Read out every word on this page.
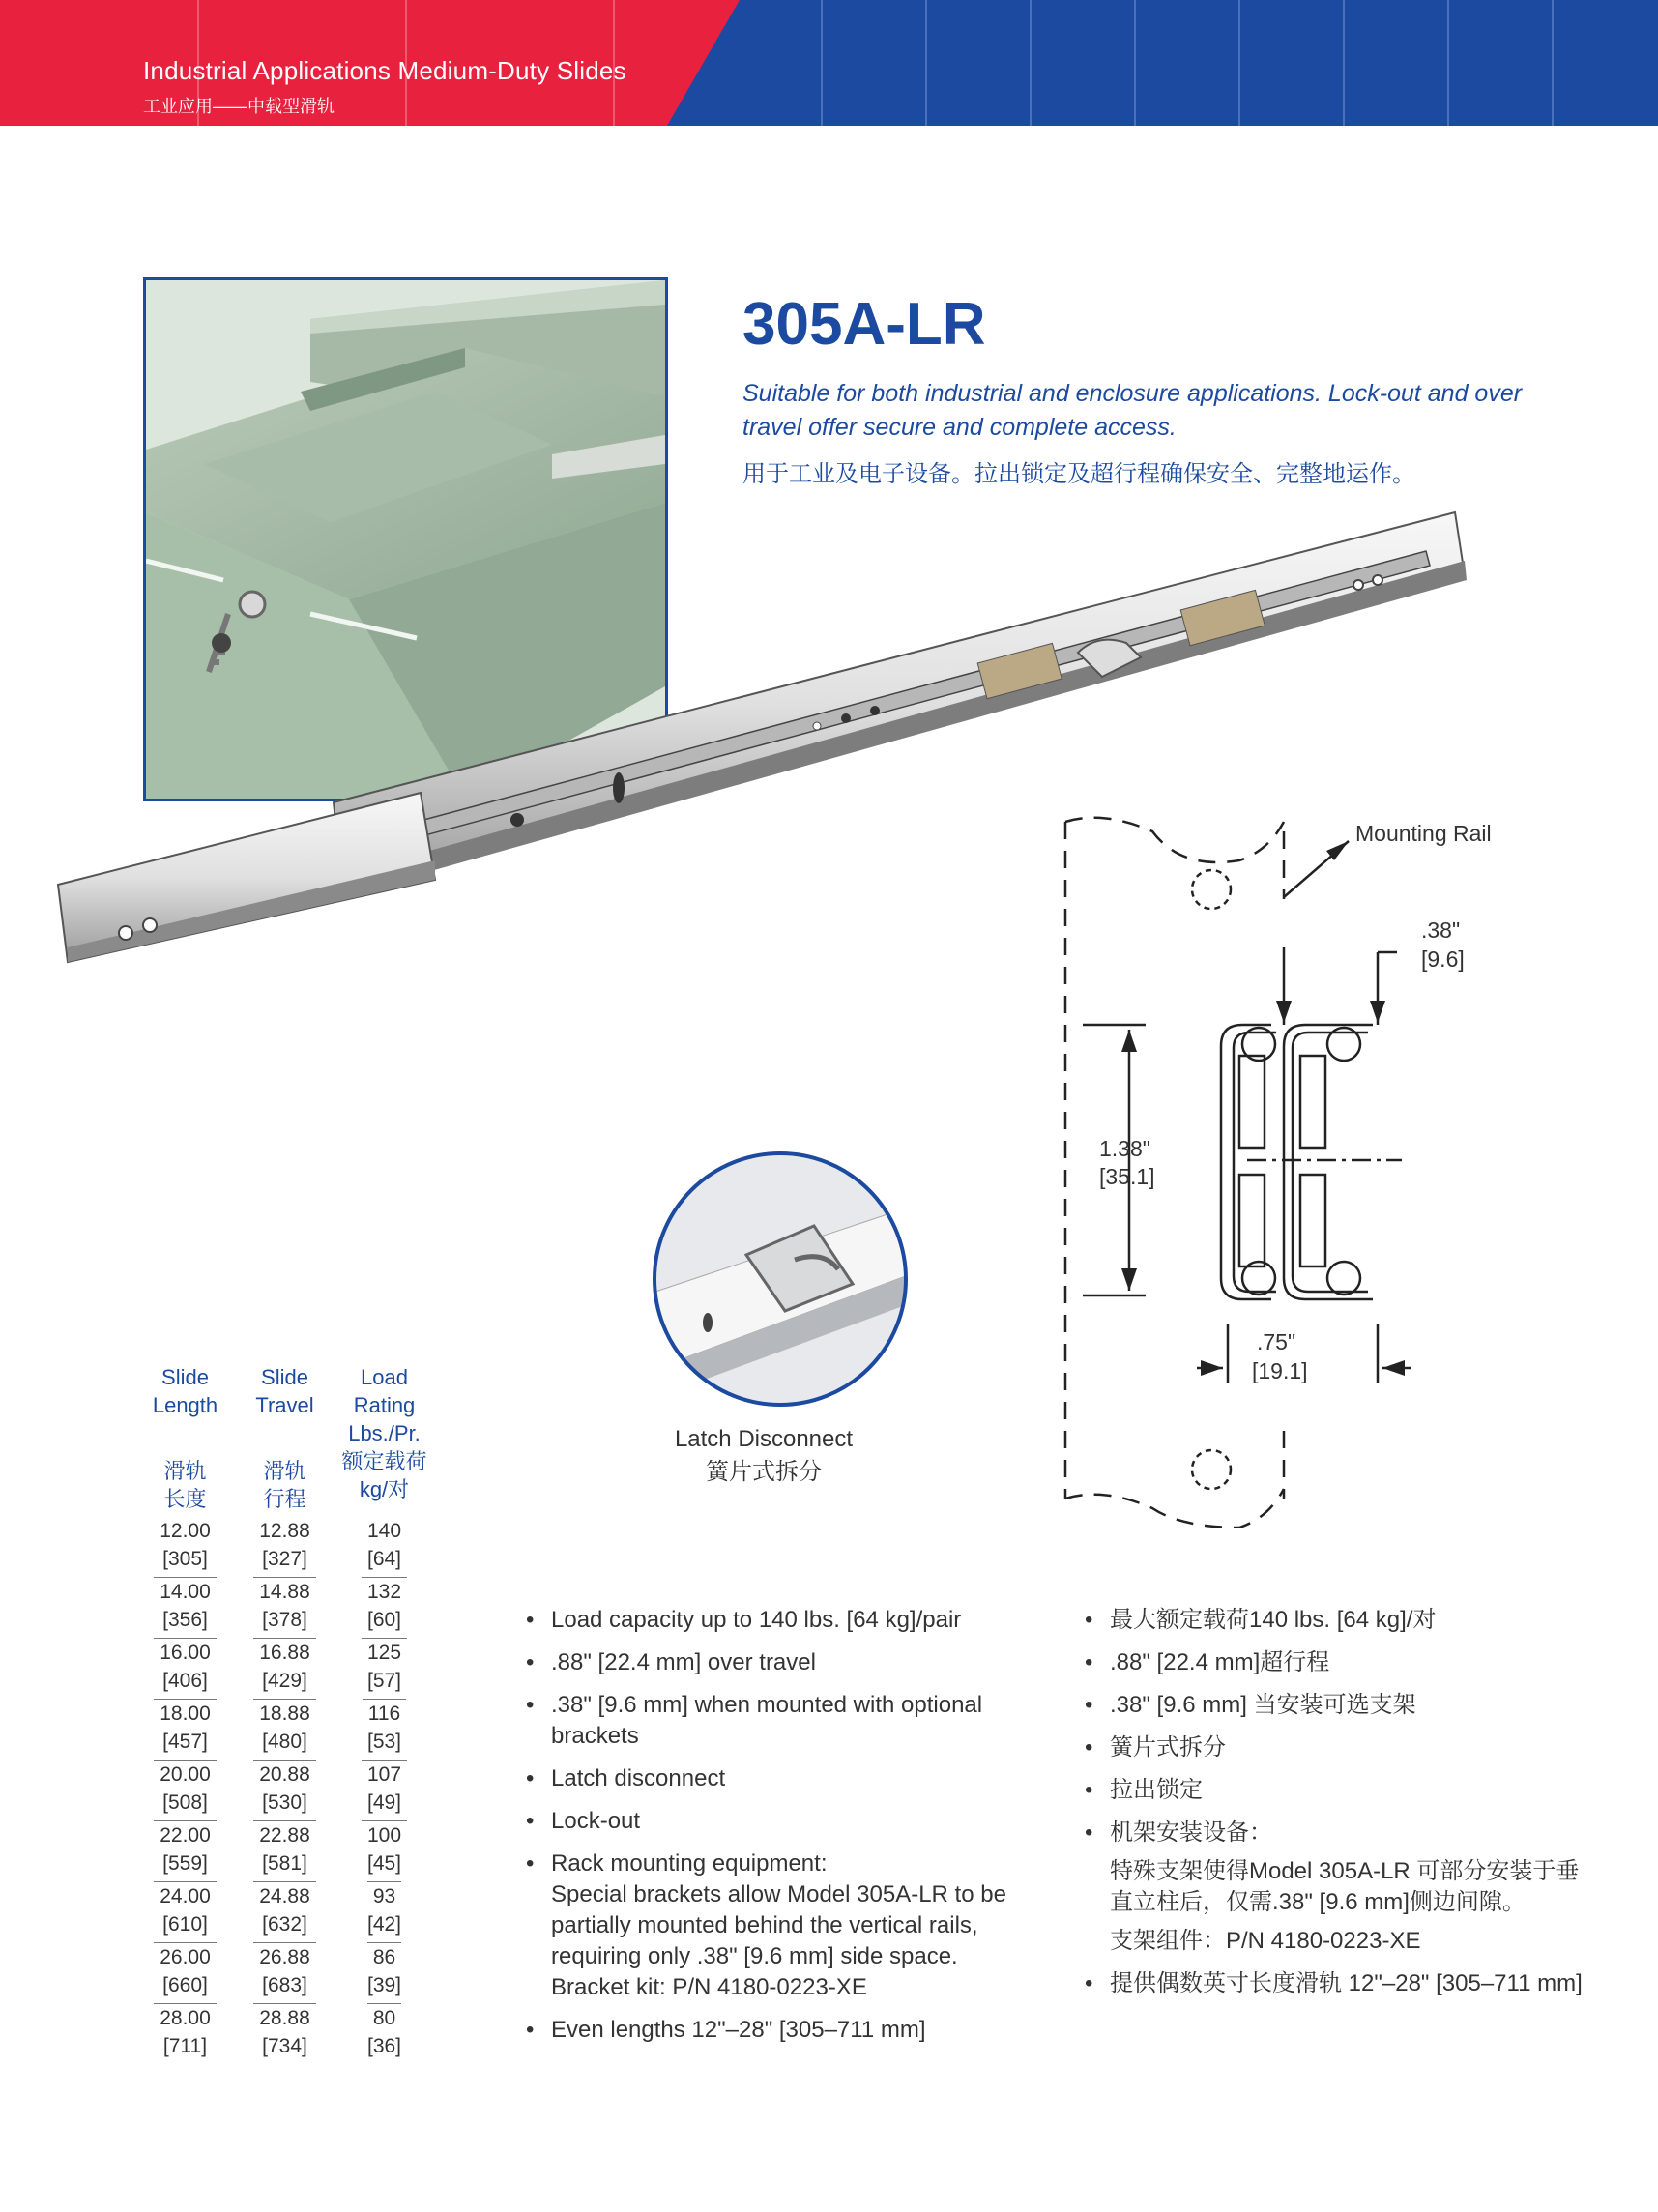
Industrial Applications Medium-Duty Slides
工业应用——中载型滑轨
305A-LR
Suitable for both industrial and enclosure applications. Lock-out and over travel offer secure and complete access.
用于工业及电子设备。拉出锁定及超行程确保安全、完整地运作。
Mounting Rail
.38"
[9.6]
1.38"
[35.1]
.75"
[19.1]
Latch Disconnect
簧片式拆分
Slide
Length

滑轨
长度
Slide
Travel

滑轨
行程
Load
Rating
Lbs./Pr.
额定载荷
kg/对
12.00
[305]
12.88
[327]
140
[64]
14.00
[356]
14.88
[378]
132
[60]
16.00
[406]
16.88
[429]
125
[57]
18.00
[457]
18.88
[480]
116
[53]
20.00
[508]
20.88
[530]
107
[49]
22.00
[559]
22.88
[581]
100
[45]
24.00
[610]
24.88
[632]
93
[42]
26.00
[660]
26.88
[683]
86
[39]
28.00
[711]
28.88
[734]
80
[36]
• Load capacity up to 140 lbs. [64 kg]/pair
• .88" [22.4 mm] over travel
• .38" [9.6 mm] when mounted with optional brackets
• Latch disconnect
• Lock-out
• Rack mounting equipment:
Special brackets allow Model 305A-LR to be partially mounted behind the vertical rails, requiring only .38" [9.6 mm] side space.
Bracket kit: P/N 4180-0223-XE
• Even lengths 12"–28" [305–711 mm]
• 最大额定载荷140 lbs. [64 kg]/对
• .88" [22.4 mm]超行程
• .38" [9.6 mm] 当安装可选支架
• 簧片式拆分
• 拉出锁定
• 机架安装设备：
特殊支架使得Model 305A-LR 可部分安装于垂直立柱后，仅需.38" [9.6 mm]侧边间隙。
支架组件：P/N 4180-0223-XE
• 提供偶数英寸长度滑轨 12"–28" [305–711 mm]
